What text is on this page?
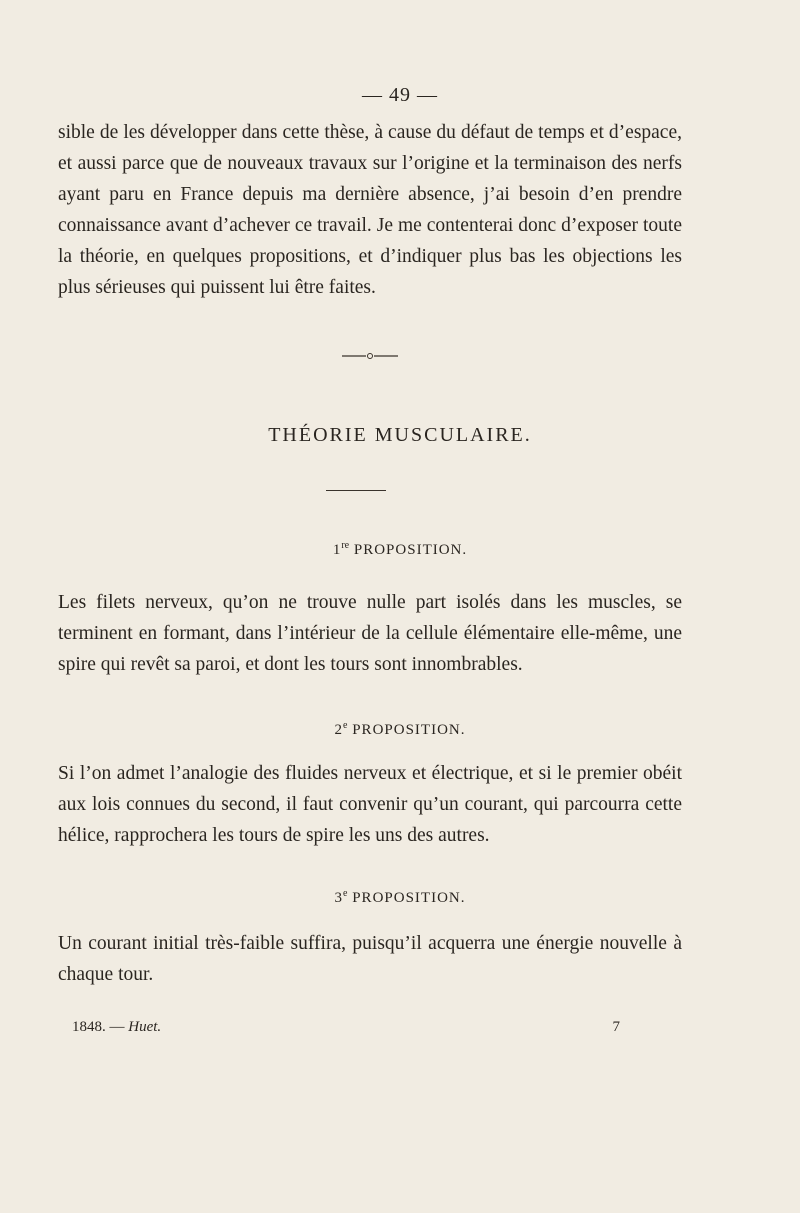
— 49 —
sible de les développer dans cette thèse, à cause du défaut de temps et d’espace, et aussi parce que de nouveaux travaux sur l’origine et la terminaison des nerfs ayant paru en France depuis ma dernière absence, j’ai besoin d’en prendre connaissance avant d’achever ce travail. Je me contenterai donc d’exposer toute la théorie, en quelques propositions, et d’indiquer plus bas les objections les plus sérieuses qui puissent lui être faites.
THÉORIE MUSCULAIRE.
1re PROPOSITION.
Les filets nerveux, qu’on ne trouve nulle part isolés dans les muscles, se terminent en formant, dans l’intérieur de la cellule élémentaire elle-même, une spire qui revêt sa paroi, et dont les tours sont innombrables.
2e PROPOSITION.
Si l’on admet l’analogie des fluides nerveux et électrique, et si le premier obéit aux lois connues du second, il faut convenir qu’un courant, qui parcourra cette hélice, rapprochera les tours de spire les uns des autres.
3e PROPOSITION.
Un courant initial très-faible suffira, puisqu’il acquerra une énergie nouvelle à chaque tour.
1848. — Huet.	7
